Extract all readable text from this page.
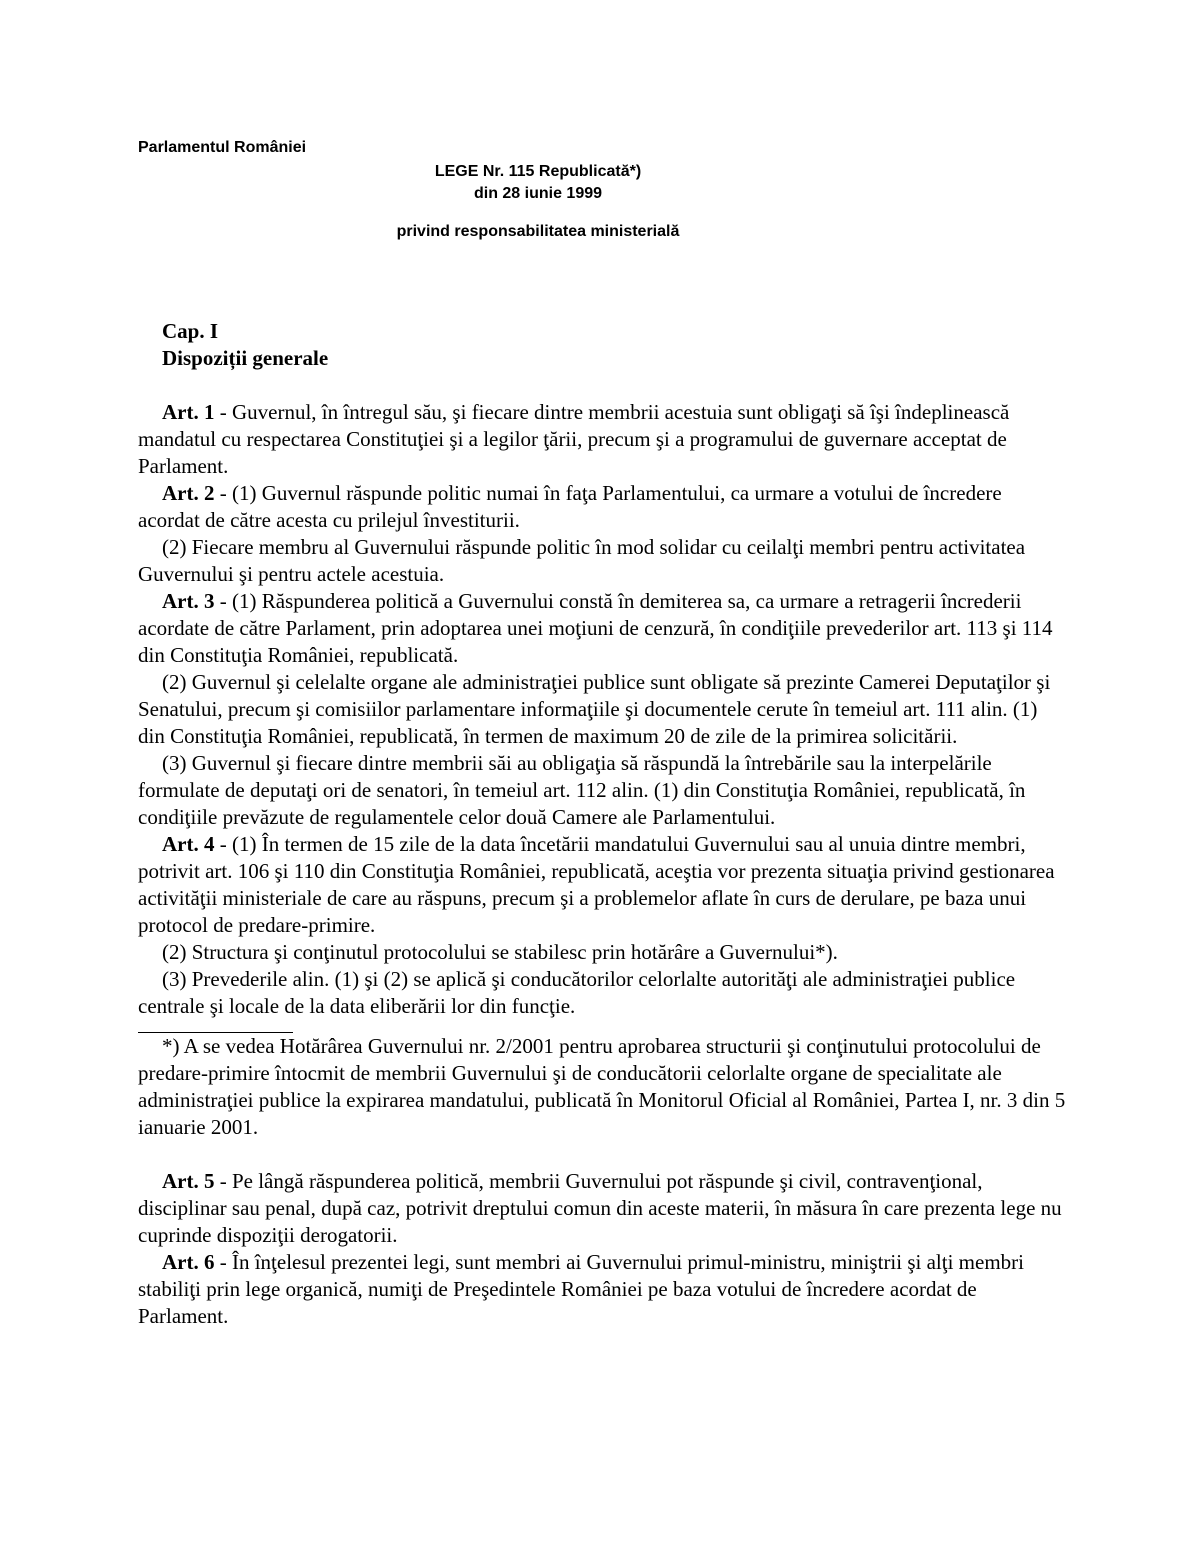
Parlamentul României

LEGE Nr. 115 Republicată*)

din 28 iunie 1999

privind responsabilitatea ministerială

Cap. I
Dispoziții generale

Art. 1 - Guvernul, în întregul său, şi fiecare dintre membrii acestuia sunt obligaţi să îşi îndeplinească mandatul cu respectarea Constituţiei şi a legilor ţării, precum şi a programului de guvernare acceptat de Parlament.

Art. 2 - (1) Guvernul răspunde politic numai în faţa Parlamentului, ca urmare a votului de încredere acordat de către acesta cu prilejul învestiturii.

(2) Fiecare membru al Guvernului răspunde politic în mod solidar cu ceilalţi membri pentru activitatea Guvernului şi pentru actele acestuia.

Art. 3 - (1) Răspunderea politică a Guvernului constă în demiterea sa, ca urmare a retragerii încrederii acordate de către Parlament, prin adoptarea unei moţiuni de cenzură, în condiţiile prevederilor art. 113 şi 114 din Constituţia României, republicată.

(2) Guvernul şi celelalte organe ale administraţiei publice sunt obligate să prezinte Camerei Deputaţilor şi Senatului, precum şi comisiilor parlamentare informaţiile şi documentele cerute în temeiul art. 111 alin. (1) din Constituţia României, republicată, în termen de maximum 20 de zile de la primirea solicitării.

(3) Guvernul şi fiecare dintre membrii săi au obligaţia să răspundă la întrebările sau la interpelările formulate de deputaţi ori de senatori, în temeiul art. 112 alin. (1) din Constituţia României, republicată, în condiţiile prevăzute de regulamentele celor două Camere ale Parlamentului.

Art. 4 - (1) În termen de 15 zile de la data încetării mandatului Guvernului sau al unuia dintre membri, potrivit art. 106 şi 110 din Constituţia României, republicată, aceştia vor prezenta situaţia privind gestionarea activităţii ministeriale de care au răspuns, precum şi a problemelor aflate în curs de derulare, pe baza unui protocol de predare-primire.

(2) Structura şi conţinutul protocolului se stabilesc prin hotărâre a Guvernului*).

(3) Prevederile alin. (1) şi (2) se aplică şi conducătorilor celorlalte autorităţi ale administraţiei publice centrale şi locale de la data eliberării lor din funcţie.

*) A se vedea Hotărârea Guvernului nr. 2/2001 pentru aprobarea structurii şi conţinutului protocolului de predare-primire întocmit de membrii Guvernului şi de conducătorii celorlalte organe de specialitate ale administraţiei publice la expirarea mandatului, publicată în Monitorul Oficial al României, Partea I, nr. 3 din 5 ianuarie 2001.

Art. 5 - Pe lângă răspunderea politică, membrii Guvernului pot răspunde şi civil, contravenţional, disciplinar sau penal, după caz, potrivit dreptului comun din aceste materii, în măsura în care prezenta lege nu cuprinde dispoziţii derogatorii.

Art. 6 - În înţelesul prezentei legi, sunt membri ai Guvernului primul-ministru, miniştrii şi alţi membri stabiliţi prin lege organică, numiţi de Preşedintele României pe baza votului de încredere acordat de Parlament.
